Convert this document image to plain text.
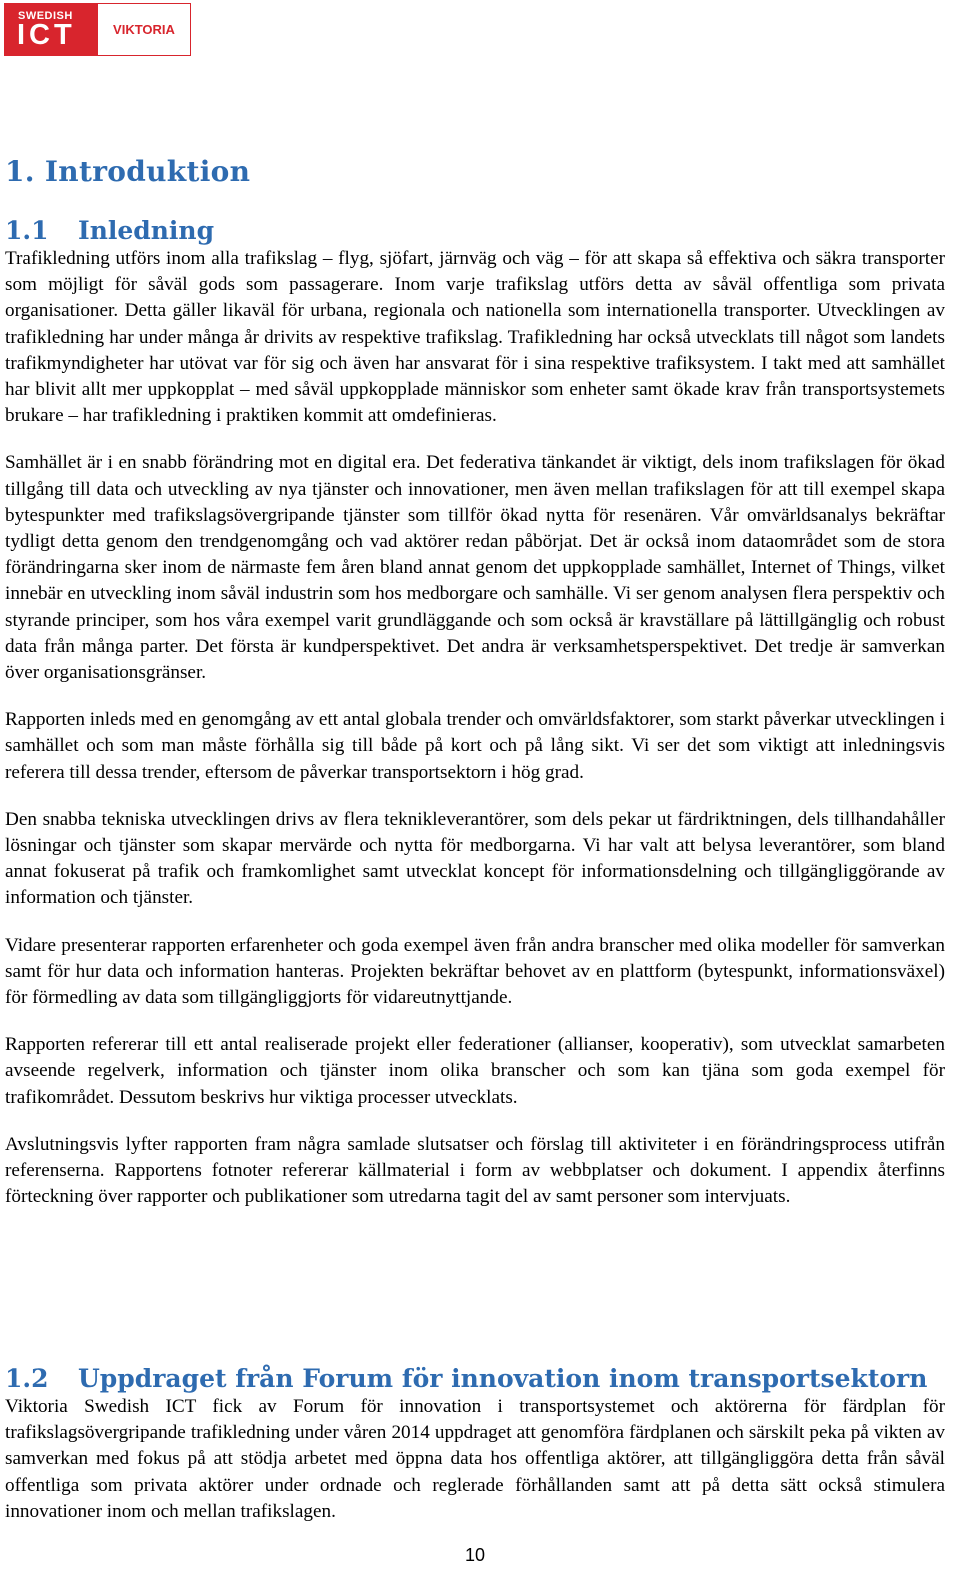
SWEDISH
ICT	VIKTORIA
1. Introduktion
1.1 Inledning

Trafikledning utförs inom alla trafikslag – flyg, sjöfart, järnväg och väg – för att skapa så effektiva och säkra transporter som möjligt för såväl gods som passagerare. Inom varje trafikslag utförs detta av såväl offentliga som privata organisationer. Detta gäller likaväl för urbana, regionala och nationella som internationella transporter. Utvecklingen av trafikledning har under många år drivits av respektive trafikslag. Trafikledning har också utvecklats till något som landets trafikmyndigheter har utövat var för sig och även har ansvarat för i sina respektive trafiksystem. I takt med att samhället har blivit allt mer uppkopplat – med såväl uppkopplade människor som enheter samt ökade krav från transportsystemets brukare – har trafikledning i praktiken kommit att omdefinieras.

Samhället är i en snabb förändring mot en digital era. Det federativa tänkandet är viktigt, dels inom trafikslagen för ökad tillgång till data och utveckling av nya tjänster och innovationer, men även mellan trafikslagen för att till exempel skapa bytespunkter med trafikslagsövergripande tjänster som tillför ökad nytta för resenären. Vår omvärldsanalys bekräftar tydligt detta genom den trendgenomgång och vad aktörer redan påbörjat. Det är också inom dataområdet som de stora förändringarna sker inom de närmaste fem åren bland annat genom det uppkopplade samhället, Internet of Things, vilket innebär en utveckling inom såväl industrin som hos medborgare och samhälle. Vi ser genom analysen flera perspektiv och styrande principer, som hos våra exempel varit grundläggande och som också är kravställare på lättillgänglig och robust data från många parter. Det första är kundperspektivet. Det andra är verksamhetsperspektivet. Det tredje är samverkan över organisationsgränser.

Rapporten inleds med en genomgång av ett antal globala trender och omvärldsfaktorer, som starkt påverkar utvecklingen i samhället och som man måste förhålla sig till både på kort och på lång sikt. Vi ser det som viktigt att inledningsvis referera till dessa trender, eftersom de påverkar transportsektorn i hög grad.

Den snabba tekniska utvecklingen drivs av flera teknikleverantörer, som dels pekar ut färdriktningen, dels tillhandahåller lösningar och tjänster som skapar mervärde och nytta för medborgarna. Vi har valt att belysa leverantörer, som bland annat fokuserat på trafik och framkomlighet samt utvecklat koncept för informationsdelning och tillgängliggörande av information och tjänster.

Vidare presenterar rapporten erfarenheter och goda exempel även från andra branscher med olika modeller för samverkan samt för hur data och information hanteras. Projekten bekräftar behovet av en plattform (bytespunkt, informationsväxel) för förmedling av data som tillgängliggjorts för vidareutnyttjande.

Rapporten refererar till ett antal realiserade projekt eller federationer (allianser, kooperativ), som utvecklat samarbeten avseende regelverk, information och tjänster inom olika branscher och som kan tjäna som goda exempel för trafikområdet. Dessutom beskrivs hur viktiga processer utvecklats.

Avslutningsvis lyfter rapporten fram några samlade slutsatser och förslag till aktiviteter i en förändringsprocess utifrån referenserna. Rapportens fotnoter refererar källmaterial i form av webbplatser och dokument. I appendix återfinns förteckning över rapporter och publikationer som utredarna tagit del av samt personer som intervjuats.

1.2 Uppdraget från Forum för innovation inom transportsektorn

Viktoria Swedish ICT fick av Forum för innovation i transportsystemet och aktörerna för färdplan för trafikslagsövergripande trafikledning under våren 2014 uppdraget att genomföra färdplanen och särskilt peka på vikten av samverkan med fokus på att stödja arbetet med öppna data hos offentliga aktörer, att tillgängliggöra detta från såväl offentliga som privata aktörer under ordnade och reglerade förhållanden samt att på detta sätt också stimulera innovationer inom och mellan trafikslagen.

10
